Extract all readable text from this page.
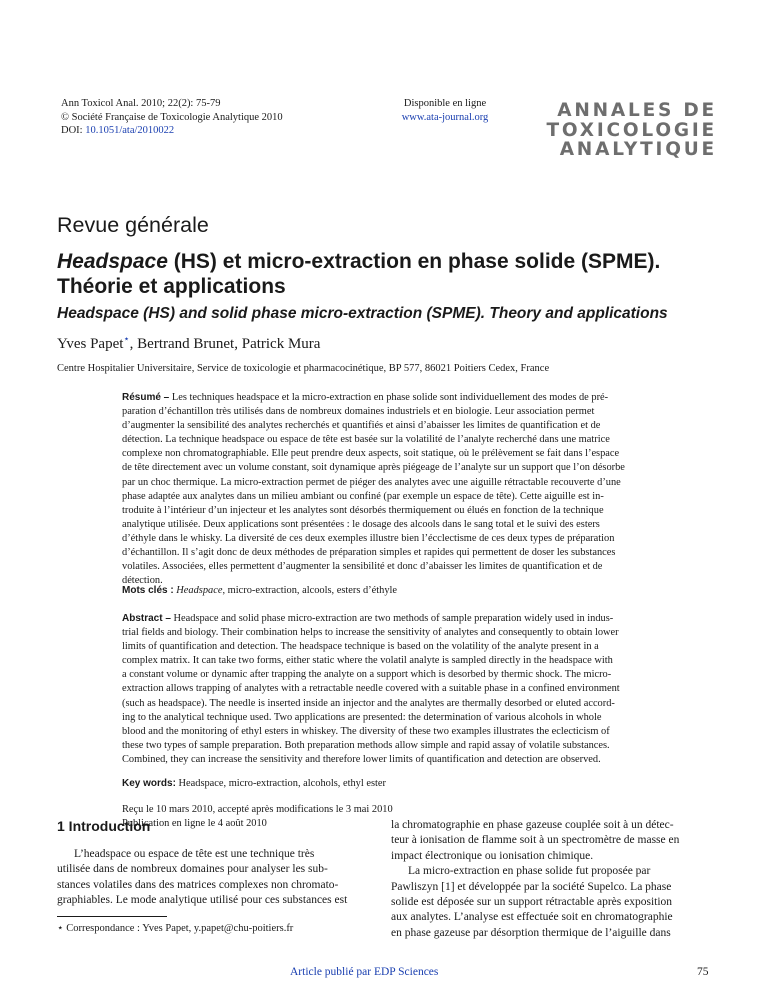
Ann Toxicol Anal. 2010; 22(2): 75-79
© Société Française de Toxicologie Analytique 2010
DOI: 10.1051/ata/2010022
Disponible en ligne
www.ata-journal.org	ANNALES DE
TOXICOLOGIE
ANALYTIQUE
Revue générale
Headspace (HS) et micro-extraction en phase solide (SPME).
Théorie et applications
Headspace (HS) and solid phase micro-extraction (SPME). Theory and applications
Yves Papet⋆, Bertrand Brunet, Patrick Mura
Centre Hospitalier Universitaire, Service de toxicologie et pharmacocinétique, BP 577, 86021 Poitiers Cedex, France
Résumé – Les techniques headspace et la micro-extraction en phase solide sont individuellement des modes de pré-
paration d’échantillon très utilisés dans de nombreux domaines industriels et en biologie. Leur association permet
d’augmenter la sensibilité des analytes recherchés et quantifiés et ainsi d’abaisser les limites de quantification et de
détection. La technique headspace ou espace de tête est basée sur la volatilité de l’analyte recherché dans une matrice
complexe non chromatographiable. Elle peut prendre deux aspects, soit statique, où le prélèvement se fait dans l’espace
de tête directement avec un volume constant, soit dynamique après piégeage de l’analyte sur un support que l’on désorbe
par un choc thermique. La micro-extraction permet de piéger des analytes avec une aiguille rétractable recouverte d’une
phase adaptée aux analytes dans un milieu ambiant ou confiné (par exemple un espace de tête). Cette aiguille est in-
troduite à l’intérieur d’un injecteur et les analytes sont désorbés thermiquement ou élués en fonction de la technique
analytique utilisée. Deux applications sont présentées : le dosage des alcools dans le sang total et le suivi des esters
d’éthyle dans le whisky. La diversité de ces deux exemples illustre bien l’écclectisme de ces deux types de préparation
d’échantillon. Il s’agit donc de deux méthodes de préparation simples et rapides qui permettent de doser les substances
volatiles. Associées, elles permettent d’augmenter la sensibilité et donc d’abaisser les limites de quantification et de
détection.
Mots clés : Headspace, micro-extraction, alcools, esters d’éthyle
Abstract – Headspace and solid phase micro-extraction are two methods of sample preparation widely used in indus-
trial fields and biology. Their combination helps to increase the sensitivity of analytes and consequently to obtain lower
limits of quantification and detection. The headspace technique is based on the volatility of the analyte present in a
complex matrix. It can take two forms, either static where the volatil analyte is sampled directly in the headspace with
a constant volume or dynamic after trapping the analyte on a support which is desorbed by thermic shock. The micro-
extraction allows trapping of analytes with a retractable needle covered with a suitable phase in a confined environment
(such as headspace). The needle is inserted inside an injector and the analytes are thermally desorbed or eluted accord-
ing to the analytical technique used. Two applications are presented: the determination of various alcohols in whole
blood and the monitoring of ethyl esters in whiskey. The diversity of these two examples illustrates the eclecticism of
these two types of sample preparation. Both preparation methods allow simple and rapid assay of volatile substances.
Combined, they can increase the sensitivity and therefore lower limits of quantification and detection are observed.
Key words: Headspace, micro-extraction, alcohols, ethyl ester
Reçu le 10 mars 2010, accepté après modifications le 3 mai 2010
Publication en ligne le 4 août 2010
1 Introduction
L’headspace ou espace de tête est une technique très
utilisée dans de nombreux domaines pour analyser les sub-
stances volatiles dans des matrices complexes non chromato-
graphiables. Le mode analytique utilisé pour ces substances est
⋆ Correspondance : Yves Papet, y.papet@chu-poitiers.fr
la chromatographie en phase gazeuse couplée soit à un détec-
teur à ionisation de flamme soit à un spectromètre de masse en
impact électronique ou ionisation chimique.
La micro-extraction en phase solide fut proposée par
Pawliszyn [1] et développée par la société Supelco. La phase
solide est déposée sur un support rétractable après exposition
aux analytes. L’analyse est effectuée soit en chromatographie
en phase gazeuse par désorption thermique de l’aiguille dans
Article publié par EDP Sciences	75
